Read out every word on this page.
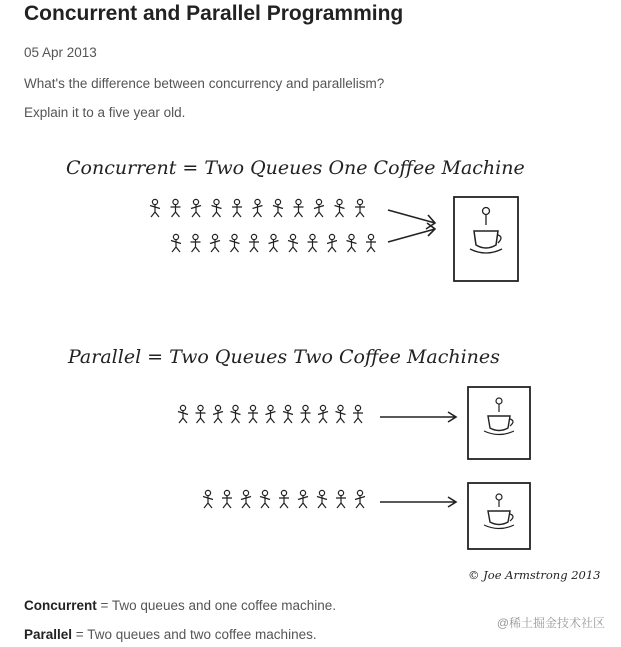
Concurrent and Parallel Programming
05 Apr 2013
What's the difference between concurrency and parallelism?
Explain it to a five year old.
Concurrent = Two Queues One Coffee Machine
Parallel = Two Queues Two Coffee Machines
© Joe Armstrong 2013
Concurrent = Two queues and one coffee machine.
Parallel = Two queues and two coffee machines.
@稀土掘金技术社区
